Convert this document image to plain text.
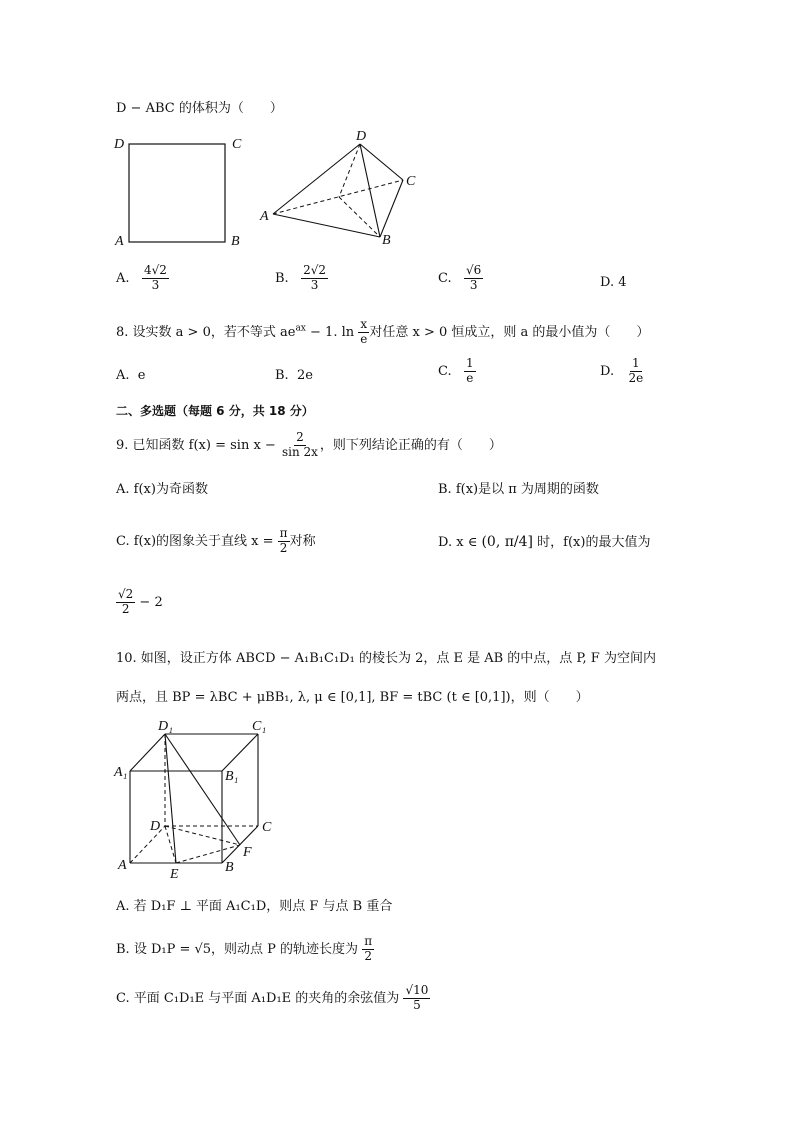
D − ABC 的体积为（　　）
D	C
A	B
D
C
A
B
A. $\frac{4√2}{3}$	B. $\frac{2√2}{3}$	C. $\frac{√6}{3}$	D. 4
8. 设实数 a > 0，若不等式 $ae^{ax} - 1$. $\ln \frac{x}{e}$ 对任意 x > 0 恒成立，则 a 的最小值为（　　）
A. e	B. 2e	C. $\frac{1}{e}$	D. $\frac{1}{2e}$
二、多选题（每题 6 分，共 18 分）
9. 已知函数 $f(x) = \sin x - \frac{2}{\sin 2x}$ ，则下列结论正确的有（　　）
A. f(x)为奇函数	B. f(x)是以 π 为周期的函数
C. f(x)的图象关于直线 $x = \frac{\pi}{2}$ 对称	D. x ∈ (0, π/4] 时，f(x)的最大值为
$\frac{√2}{2} - 2$
10. 如图，设正方体 ABCD − A₁B₁C₁D₁ 的棱长为 2，点 E 是 AB 的中点，点 P, F 为空间内
两点，且 BP = λBC + μBB₁, λ, μ ∈ [0,1], BF = tBC (t ∈ [0,1])，则（　　）
D₁	C₁
A₁	B₁
D	C
A	B
E
F
A. 若 D₁F ⊥ 平面 A₁C₁D，则点 F 与点 B 重合
B. 设 D₁P = √5，则动点 P 的轨迹长度为 $\frac{\pi}{2}$
C. 平面 C₁D₁E 与平面 A₁D₁E 的夹角的余弦值为 $\frac{√10}{5}$
